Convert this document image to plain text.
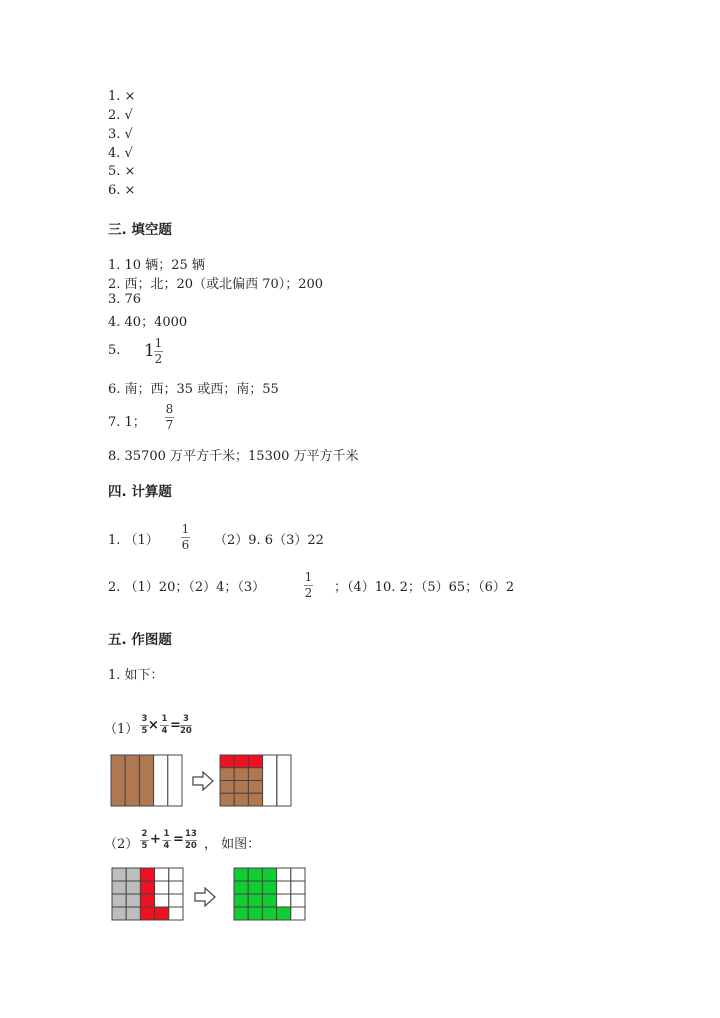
1. ×
2. √
3. √
4. √
5. ×
6. ×
三. 填空题
1. 10 辆；25 辆
2. 西；北；20（或北偏西 70）；200
3. 76
4. 40；4000
5. 1 1
2
6. 南；西；35 或西；南；55
7. 1；
8
7
8. 35700 万平方千米；15300 万平方千米
四. 计算题
1. （1）
1
6 （2）9. 6（3）22
2. （1）20；（2）4；（3）
1
2 ；（4）10. 2；（5）65；（6）2
五. 作图题
1. 如下：
（1）
3
5 × 1
4 = 3
20
（2）
2
5 + 1
4 = 13
20 ， 如图：
